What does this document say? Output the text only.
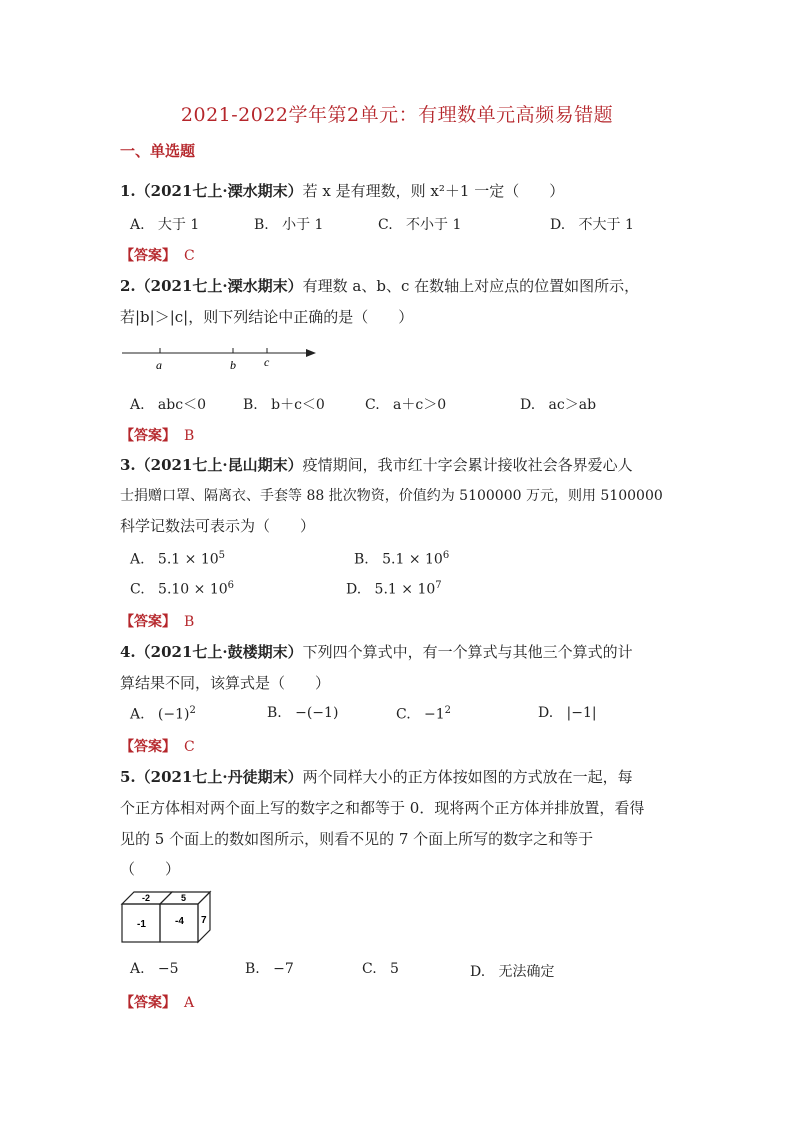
2021-2022学年第2单元：有理数单元高频易错题
一、单选题
1.（2021七上·溧水期末）若 x 是有理数，则 x²＋1 一定（　　）
A. 大于 1	B. 小于 1	C. 不小于 1	D. 不大于 1
【答案】 C
2.（2021七上·溧水期末）有理数 a、b、c 在数轴上对应点的位置如图所示，
若|b|＞|c|，则下列结论中正确的是（　　）
a	b c
A. abc＜0	B. b＋c＜0	C. a＋c＞0	D. ac＞ab
【答案】 B
3.（2021七上·昆山期末）疫情期间，我市红十字会累计接收社会各界爱心人
士捐赠口罩、隔离衣、手套等 88 批次物资，价值约为 5100000 万元，则用 5100000
科学记数法可表示为（　　）
A. $5.1 \times 10^5$	B. $5.1 \times 10^6$
C. $5.10 \times 10^6$	D. $5.1 \times 10^7$
【答案】 B
4.（2021七上·鼓楼期末）下列四个算式中，有一个算式与其他三个算式的计
算结果不同，该算式是（　　）
A. $(-1)^2$	B. −(−1)	C. $-1^2$	D. |−1|
【答案】 C
5.（2021七上·丹徒期末）两个同样大小的正方体按如图的方式放在一起，每
个正方体相对两个面上写的数字之和都等于 0．现将两个正方体并排放置，看得
见的 5 个面上的数如图所示，则看不见的 7 个面上所写的数字之和等于
（　　）
-2	5
-1	-4 7
A. −5	B. −7	C. 5	D. 无法确定
【答案】 A
